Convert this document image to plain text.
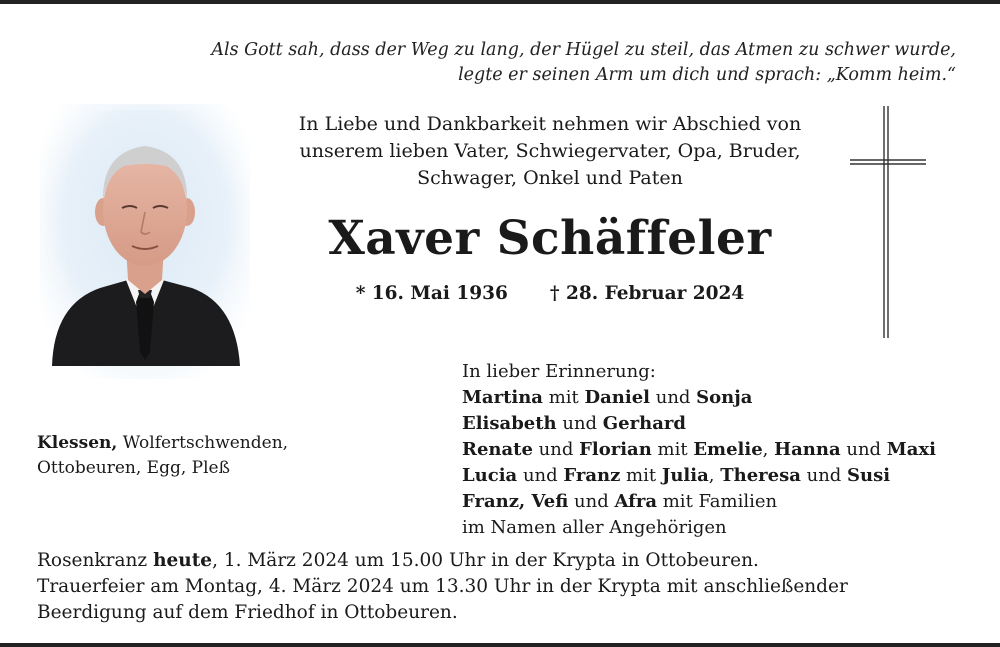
Als Gott sah, dass der Weg zu lang, der Hügel zu steil, das Atmen zu schwer wurde,
legte er seinen Arm um dich und sprach: „Komm heim.“
In Liebe und Dankbarkeit nehmen wir Abschied von
unserem lieben Vater, Schwiegervater, Opa, Bruder,
Schwager, Onkel und Paten
Xaver Schäffeler
* 16. Mai 1936 † 28. Februar 2024
Klessen, Wolfertschwenden,
Ottobeuren, Egg, Pleß
In lieber Erinnerung:
Martina mit Daniel und Sonja
Elisabeth und Gerhard
Renate und Florian mit Emelie, Hanna und Maxi
Lucia und Franz mit Julia, Theresa und Susi
Franz, Vefi und Afra mit Familien
im Namen aller Angehörigen
Rosenkranz heute, 1. März 2024 um 15.00 Uhr in der Krypta in Ottobeuren.
Trauerfeier am Montag, 4. März 2024 um 13.30 Uhr in der Krypta mit anschließender
Beerdigung auf dem Friedhof in Ottobeuren.
